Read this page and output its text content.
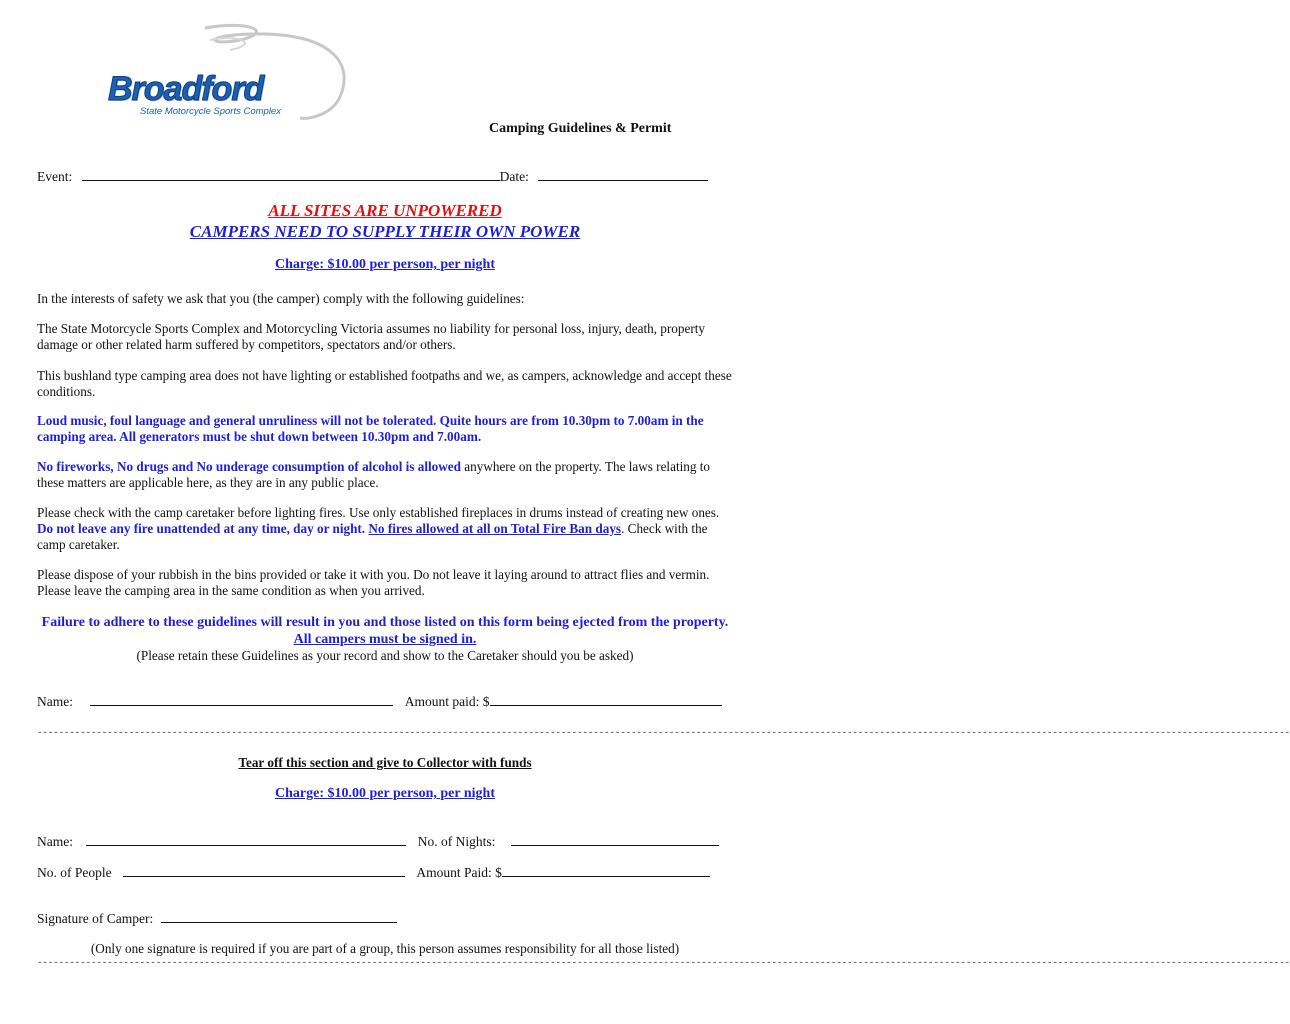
Broadford
State Motorcycle Sports Complex
Camping Guidelines & Permit
Event:	Date:
ALL SITES ARE UNPOWERED
CAMPERS NEED TO SUPPLY THEIR OWN POWER
Charge: $10.00 per person, per night
In the interests of safety we ask that you (the camper) comply with the following guidelines:
The State Motorcycle Sports Complex and Motorcycling Victoria assumes no liability for personal loss, injury, death, property damage or other related harm suffered by competitors, spectators and/or others.
This bushland type camping area does not have lighting or established footpaths and we, as campers, acknowledge and accept these conditions.
Loud music, foul language and general unruliness will not be tolerated. Quite hours are from 10.30pm to 7.00am in the camping area. All generators must be shut down between 10.30pm and 7.00am.
No fireworks, No drugs and No underage consumption of alcohol is allowed anywhere on the property. The laws relating to these matters are applicable here, as they are in any public place.
Please check with the camp caretaker before lighting fires. Use only established fireplaces in drums instead of creating new ones. Do not leave any fire unattended at any time, day or night. No fires allowed at all on Total Fire Ban days. Check with the camp caretaker.
Please dispose of your rubbish in the bins provided or take it with you. Do not leave it laying around to attract flies and vermin. Please leave the camping area in the same condition as when you arrived.
Failure to adhere to these guidelines will result in you and those listed on this form being ejected from the property. All campers must be signed in.
(Please retain these Guidelines as your record and show to the Caretaker should you be asked)
Name:	Amount paid: $
----------------------------------------------------------------------------------------------------------------------------------------------------------------------------------------------------------------------------------------
Tear off this section and give to Collector with funds
Charge: $10.00 per person, per night
Name:	No. of Nights:
No. of People	Amount Paid: $
Signature of Camper:
(Only one signature is required if you are part of a group, this person assumes responsibility for all those listed)
----------------------------------------------------------------------------------------------------------------------------------------------------------------------------------------------------------------------------------------
